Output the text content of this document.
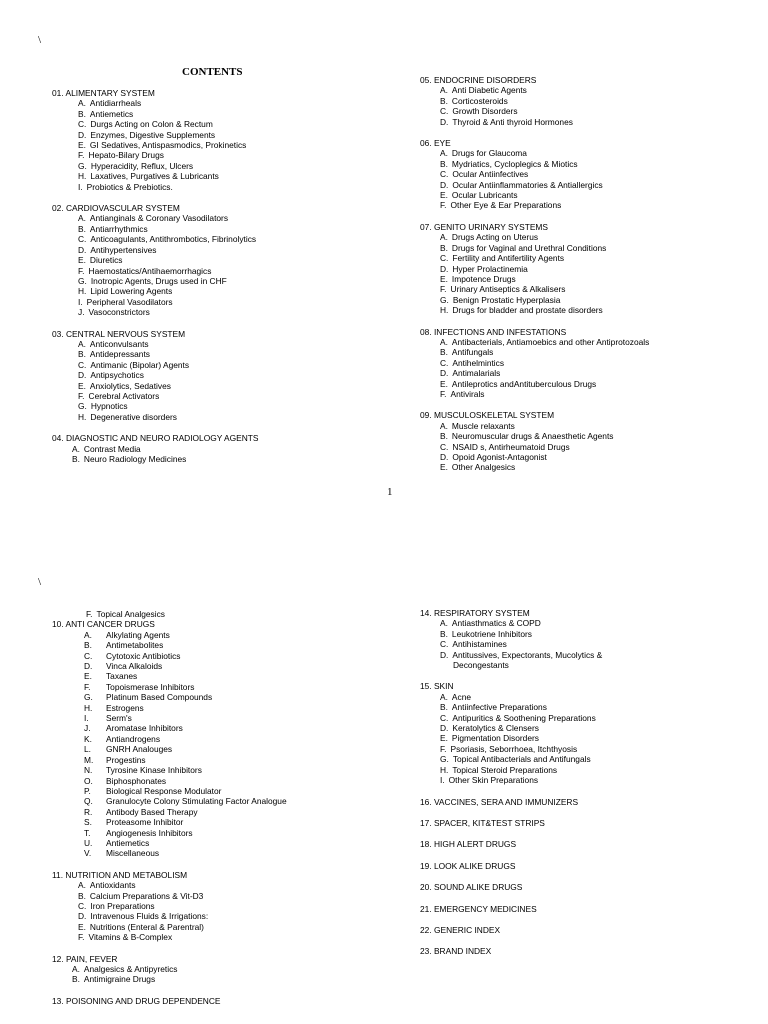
\
CONTENTS
01. ALIMENTARY SYSTEM
A. Antidiarrheals
B. Antiemetics
C. Durgs Acting on Colon & Rectum
D. Enzymes, Digestive Supplements
E. GI Sedatives, Antispasmodics, Prokinetics
F. Hepato-Bilary Drugs
G. Hyperacidity, Reflux, Ulcers
H. Laxatives, Purgatives & Lubricants
I. Probiotics & Prebiotics.
02. CARDIOVASCULAR SYSTEM
A. Antianginals & Coronary Vasodilators
B. Antiarrhythmics
C. Anticoagulants, Antithrombotics, Fibrinolytics
D. Antihypertensives
E. Diuretics
F. Haemostatics/Antihaemorrhagics
G. Inotropic Agents, Drugs used in CHF
H. Lipid Lowering Agents
I. Peripheral Vasodilators
J. Vasoconstrictors
03. CENTRAL NERVOUS SYSTEM
A. Anticonvulsants
B. Antidepressants
C. Antimanic (Bipolar) Agents
D. Antipsychotics
E. Anxiolytics, Sedatives
F. Cerebral Activators
G. Hypnotics
H. Degenerative disorders
04. DIAGNOSTIC AND NEURO RADIOLOGY AGENTS
A. Contrast Media
B. Neuro Radiology Medicines
05. ENDOCRINE DISORDERS
A. Anti Diabetic Agents
B. Corticosteroids
C. Growth Disorders
D. Thyroid & Anti thyroid Hormones
06. EYE
A. Drugs for Glaucoma
B. Mydriatics, Cycloplegics & Miotics
C. Ocular Antiinfectives
D. Ocular Antiinflammatories & Antiallergics
E. Ocular Lubricants
F. Other Eye & Ear Preparations
07. GENITO URINARY SYSTEMS
A. Drugs Acting on Uterus
B. Drugs for Vaginal and Urethral Conditions
C. Fertility and Antifertility Agents
D. Hyper Prolactinemia
E. Impotence Drugs
F. Urinary Antiseptics & Alkalisers
G. Benign Prostatic Hyperplasia
H. Drugs for bladder and prostate disorders
08. INFECTIONS AND INFESTATIONS
A. Antibacterials, Antiamoebics and other Antiprotozoals
B. Antifungals
C. Antihelmintics
D. Antimalarials
E. Antileprotics andAntituberculous Drugs
F. Antivirals
09. MUSCULOSKELETAL SYSTEM
A. Muscle relaxants
B. Neuromuscular drugs & Anaesthetic Agents
C. NSAID s, Antirheumatoid Drugs
D. Opoid Agonist-Antagonist
E. Other Analgesics
1
\
F. Topical Analgesics
10. ANTI CANCER DRUGS
A. Alkylating Agents
B. Antimetabolites
C. Cytotoxic Antibiotics
D. Vinca Alkaloids
E. Taxanes
F. Topoismerase Inhibitors
G. Platinum Based Compounds
H. Estrogens
I. Serm's
J. Aromatase Inhibitors
K. Antiandrogens
L. GNRH Analouges
M. Progestins
N. Tyrosine Kinase Inhibitors
O. Biphosphonates
P. Biological Response Modulator
Q. Granulocyte Colony Stimulating Factor Analogue
R. Antibody Based Therapy
S. Proteasome Inhibitor
T. Angiogenesis Inhibitors
U. Antiemetics
V. Miscellaneous
11. NUTRITION AND METABOLISM
A. Antioxidants
B. Calcium Preparations & Vit-D3
C. Iron Preparations
D. Intravenous Fluids & Irrigations:
E. Nutritions (Enteral & Parentral)
F. Vitamins & B-Complex
12. PAIN, FEVER
A. Analgesics & Antipyretics
B. Antimigraine Drugs
13. POISONING AND DRUG DEPENDENCE
14. RESPIRATORY SYSTEM
A. Antiasthmatics & COPD
B. Leukotriene Inhibitors
C. Antihistamines
D. Antitussives, Expectorants, Mucolytics &
Decongestants
15. SKIN
A. Acne
B. Antiinfective Preparations
C. Antipuritics & Soothening Preparations
D. Keratolytics & Clensers
E. Pigmentation Disorders
F. Psoriasis, Seborrhoea, Itchthyosis
G. Topical Antibacterials and Antifungals
H. Topical Steroid Preparations
I. Other Skin Preparations
16. VACCINES, SERA AND IMMUNIZERS
17. SPACER, KIT&TEST STRIPS
18. HIGH ALERT DRUGS
19. LOOK ALIKE DRUGS
20. SOUND ALIKE DRUGS
21. EMERGENCY MEDICINES
22. GENERIC INDEX
23. BRAND INDEX
